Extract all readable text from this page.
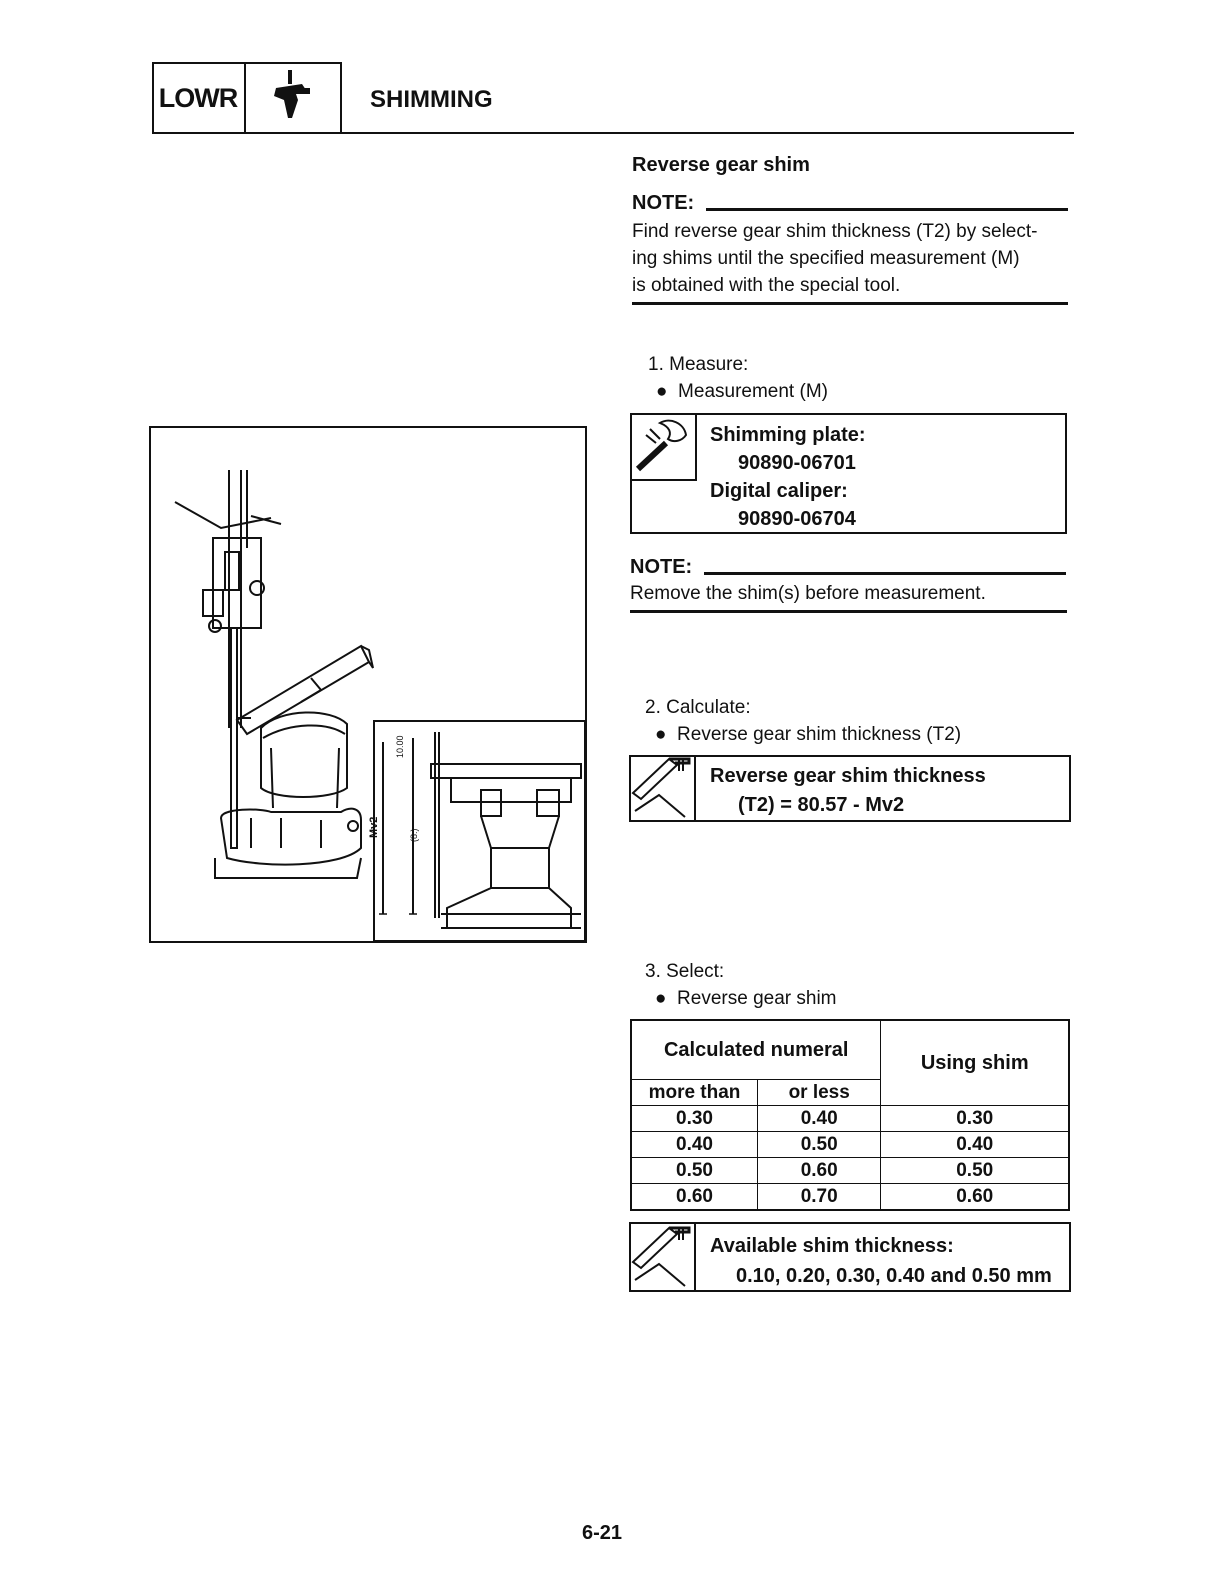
LOWR	SHIMMING
Reverse gear shim
NOTE:
Find reverse gear shim thickness (T2) by select-
ing shims until the specified measurement (M)
is obtained with the special tool.
1. Measure:
● Measurement (M)
Shimming plate:
90890-06701
Digital caliper:
90890-06704
NOTE:
Remove the shim(s) before measurement.
2. Calculate:
● Reverse gear shim thickness (T2)
Reverse gear shim thickness
(T2) = 80.57 - Mv2
3. Select:
● Reverse gear shim
Calculated numeral		Using shim
more than	or less	
0.30	0.40	0.30
0.40	0.50	0.40
0.50	0.60	0.50
0.60	0.70	0.60
Available shim thickness:
0.10, 0.20, 0.30, 0.40 and 0.50 mm
Mv2
10.00
(8.)
6-21
